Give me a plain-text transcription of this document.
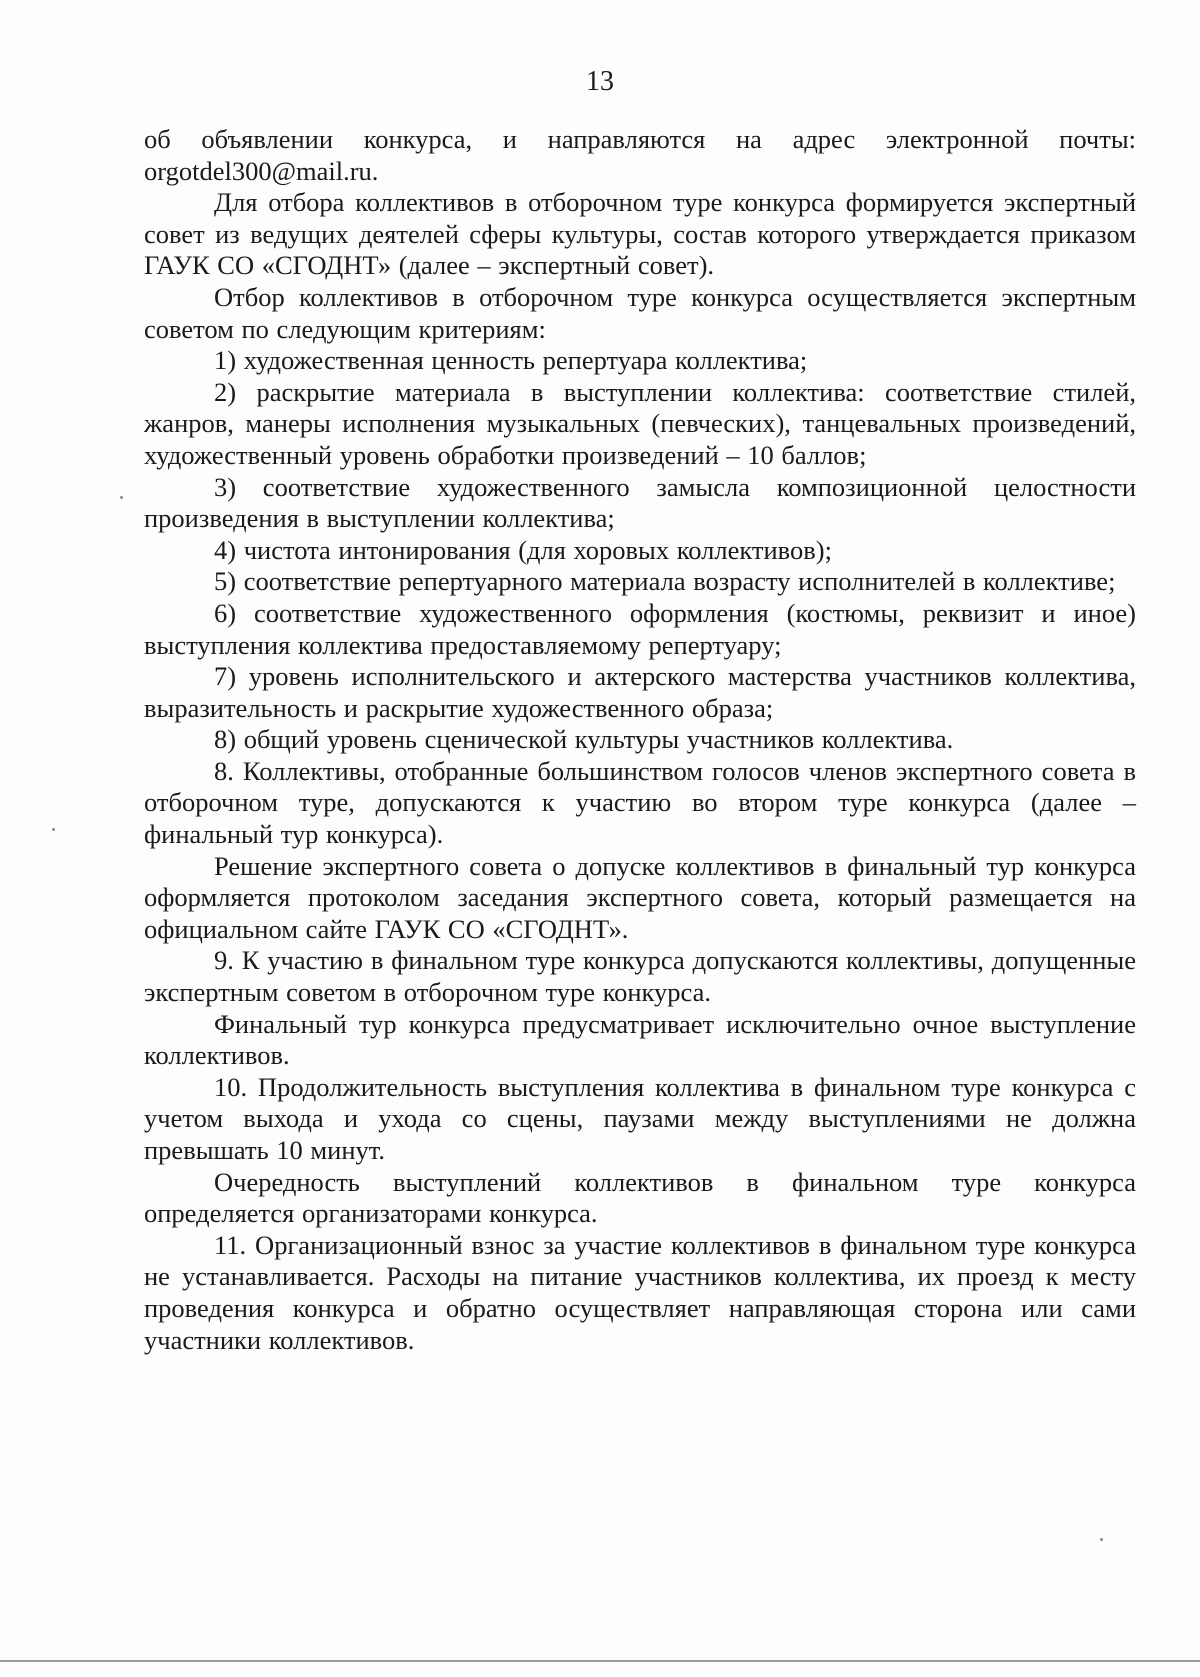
13

об объявлении конкурса, и направляются на адрес электронной почты: orgotdel300@mail.ru.

Для отбора коллективов в отборочном туре конкурса формируется экспертный совет из ведущих деятелей сферы культуры, состав которого утверждается приказом ГАУК СО «СГОДНТ» (далее – экспертный совет).

Отбор коллективов в отборочном туре конкурса осуществляется экспертным советом по следующим критериям:

1) художественная ценность репертуара коллектива;

2) раскрытие материала в выступлении коллектива: соответствие стилей, жанров, манеры исполнения музыкальных (певческих), танцевальных произведений, художественный уровень обработки произведений – 10 баллов;

3) соответствие художественного замысла композиционной целостности произведения в выступлении коллектива;

4) чистота интонирования (для хоровых коллективов);

5) соответствие репертуарного материала возрасту исполнителей в коллективе;

6) соответствие художественного оформления (костюмы, реквизит и иное) выступления коллектива предоставляемому репертуару;

7) уровень исполнительского и актерского мастерства участников коллектива, выразительность и раскрытие художественного образа;

8) общий уровень сценической культуры участников коллектива.

8. Коллективы, отобранные большинством голосов членов экспертного совета в отборочном туре, допускаются к участию во втором туре конкурса (далее – финальный тур конкурса).

Решение экспертного совета о допуске коллективов в финальный тур конкурса оформляется протоколом заседания экспертного совета, который размещается на официальном сайте ГАУК СО «СГОДНТ».

9. К участию в финальном туре конкурса допускаются коллективы, допущенные экспертным советом в отборочном туре конкурса.

Финальный тур конкурса предусматривает исключительно очное выступление коллективов.

10. Продолжительность выступления коллектива в финальном туре конкурса с учетом выхода и ухода со сцены, паузами между выступлениями не должна превышать 10 минут.

Очередность выступлений коллективов в финальном туре конкурса определяется организаторами конкурса.

11. Организационный взнос за участие коллективов в финальном туре конкурса не устанавливается. Расходы на питание участников коллектива, их проезд к месту проведения конкурса и обратно осуществляет направляющая сторона или сами участники коллективов.
